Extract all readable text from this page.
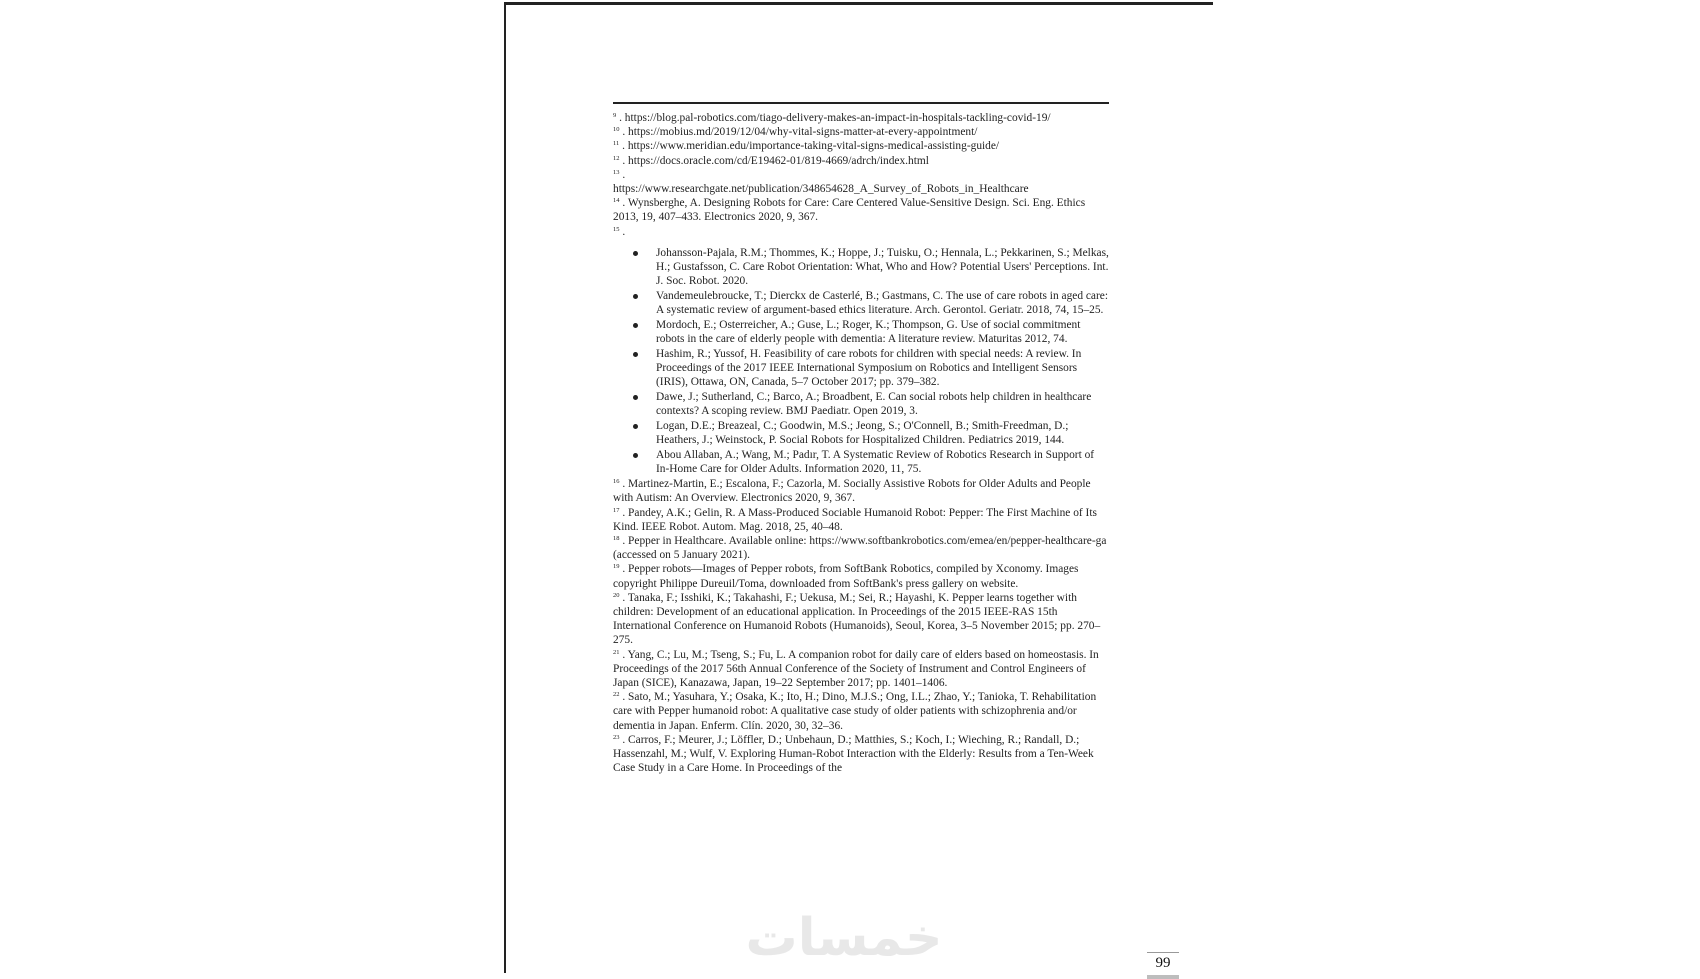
$^9$ . https://blog.pal-robotics.com/tiago-delivery-makes-an-impact-in-hospitals-tackling-covid-19/

$^{10}$ . https://mobius.md/2019/12/04/why-vital-signs-matter-at-every-appointment/

$^{11}$ . https://www.meridian.edu/importance-taking-vital-signs-medical-assisting-guide/

$^{12}$ . https://docs.oracle.com/cd/E19462-01/819-4669/adrch/index.html

$^{13}$ .

https://www.researchgate.net/publication/348654628_A_Survey_of_Robots_in_Healthcare

$^{14}$ . Wynsberghe, A. Designing Robots for Care: Care Centered Value-Sensitive Design. Sci. Eng. Ethics 2013, 19, 407–433. Electronics 2020, 9, 367.

$^{15}$ .

Johansson-Pajala, R.M.; Thommes, K.; Hoppe, J.; Tuisku, O.; Hennala, L.; Pekkarinen, S.; Melkas, H.; Gustafsson, C. Care Robot Orientation: What, Who and How? Potential Users' Perceptions. Int. J. Soc. Robot. 2020.
Vandemeulebroucke, T.; Dierckx de Casterlé, B.; Gastmans, C. The use of care robots in aged care: A systematic review of argument-based ethics literature. Arch. Gerontol. Geriatr. 2018, 74, 15–25.
Mordoch, E.; Osterreicher, A.; Guse, L.; Roger, K.; Thompson, G. Use of social commitment robots in the care of elderly people with dementia: A literature review. Maturitas 2012, 74.
Hashim, R.; Yussof, H. Feasibility of care robots for children with special needs: A review. In Proceedings of the 2017 IEEE International Symposium on Robotics and Intelligent Sensors (IRIS), Ottawa, ON, Canada, 5–7 October 2017; pp. 379–382.
Dawe, J.; Sutherland, C.; Barco, A.; Broadbent, E. Can social robots help children in healthcare contexts? A scoping review. BMJ Paediatr. Open 2019, 3.
Logan, D.E.; Breazeal, C.; Goodwin, M.S.; Jeong, S.; O'Connell, B.; Smith-Freedman, D.; Heathers, J.; Weinstock, P. Social Robots for Hospitalized Children. Pediatrics 2019, 144.
Abou Allaban, A.; Wang, M.; Padır, T. A Systematic Review of Robotics Research in Support of In-Home Care for Older Adults. Information 2020, 11, 75.

$^{16}$ . Martinez-Martin, E.; Escalona, F.; Cazorla, M. Socially Assistive Robots for Older Adults and People with Autism: An Overview. Electronics 2020, 9, 367.

$^{17}$ . Pandey, A.K.; Gelin, R. A Mass-Produced Sociable Humanoid Robot: Pepper: The First Machine of Its Kind. IEEE Robot. Autom. Mag. 2018, 25, 40–48.

$^{18}$ . Pepper in Healthcare. Available online: https://www.softbankrobotics.com/emea/en/pepper-healthcare-ga (accessed on 5 January 2021).

$^{19}$ . Pepper robots—Images of Pepper robots, from SoftBank Robotics, compiled by Xconomy. Images copyright Philippe Dureuil/Toma, downloaded from SoftBank's press gallery on website.

$^{20}$ . Tanaka, F.; Isshiki, K.; Takahashi, F.; Uekusa, M.; Sei, R.; Hayashi, K. Pepper learns together with children: Development of an educational application. In Proceedings of the 2015 IEEE-RAS 15th International Conference on Humanoid Robots (Humanoids), Seoul, Korea, 3–5 November 2015; pp. 270–275.

$^{21}$ . Yang, C.; Lu, M.; Tseng, S.; Fu, L. A companion robot for daily care of elders based on homeostasis. In Proceedings of the 2017 56th Annual Conference of the Society of Instrument and Control Engineers of Japan (SICE), Kanazawa, Japan, 19–22 September 2017; pp. 1401–1406.

$^{22}$ . Sato, M.; Yasuhara, Y.; Osaka, K.; Ito, H.; Dino, M.J.S.; Ong, I.L.; Zhao, Y.; Tanioka, T. Rehabilitation care with Pepper humanoid robot: A qualitative case study of older patients with schizophrenia and/or dementia in Japan. Enferm. Clín. 2020, 30, 32–36.

$^{23}$ . Carros, F.; Meurer, J.; Löffler, D.; Unbehaun, D.; Matthies, S.; Koch, I.; Wieching, R.; Randall, D.; Hassenzahl, M.; Wulf, V. Exploring Human-Robot Interaction with the Elderly: Results from a Ten-Week Case Study in a Care Home. In Proceedings of the

خمسات	99
